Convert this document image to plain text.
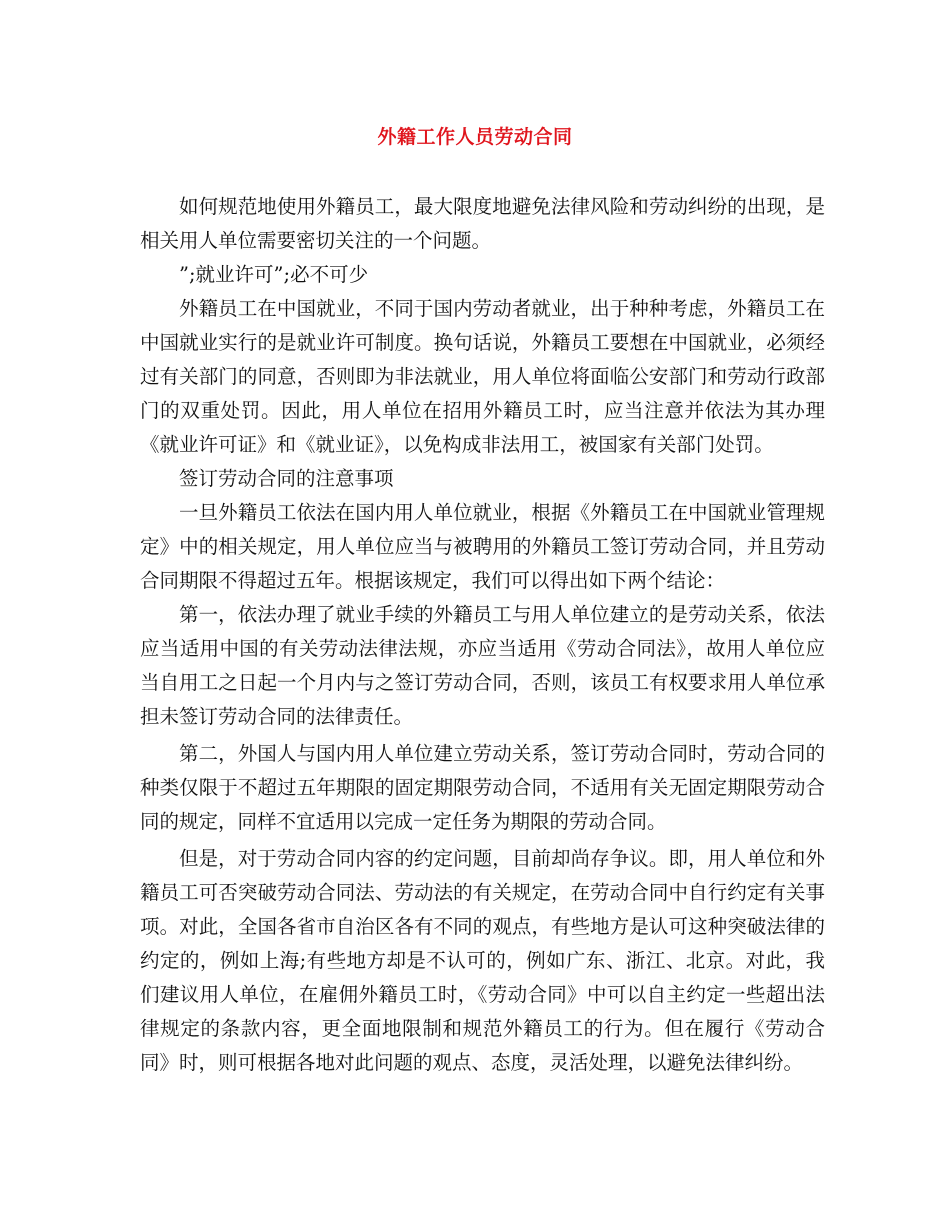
外籍工作人员劳动合同

如何规范地使用外籍员工，最大限度地避免法律风险和劳动纠纷的出现，是相关用人单位需要密切关注的一个问题。

”;就业许可”;必不可少

外籍员工在中国就业，不同于国内劳动者就业，出于种种考虑，外籍员工在中国就业实行的是就业许可制度。换句话说，外籍员工要想在中国就业，必须经过有关部门的同意，否则即为非法就业，用人单位将面临公安部门和劳动行政部门的双重处罚。因此，用人单位在招用外籍员工时，应当注意并依法为其办理《就业许可证》和《就业证》，以免构成非法用工，被国家有关部门处罚。

签订劳动合同的注意事项

一旦外籍员工依法在国内用人单位就业，根据《外籍员工在中国就业管理规定》中的相关规定，用人单位应当与被聘用的外籍员工签订劳动合同，并且劳动合同期限不得超过五年。根据该规定，我们可以得出如下两个结论：

第一，依法办理了就业手续的外籍员工与用人单位建立的是劳动关系，依法应当适用中国的有关劳动法律法规，亦应当适用《劳动合同法》，故用人单位应当自用工之日起一个月内与之签订劳动合同，否则，该员工有权要求用人单位承担未签订劳动合同的法律责任。

第二，外国人与国内用人单位建立劳动关系，签订劳动合同时，劳动合同的种类仅限于不超过五年期限的固定期限劳动合同，不适用有关无固定期限劳动合同的规定，同样不宜适用以完成一定任务为期限的劳动合同。

但是，对于劳动合同内容的约定问题，目前却尚存争议。即，用人单位和外籍员工可否突破劳动合同法、劳动法的有关规定，在劳动合同中自行约定有关事项。对此，全国各省市自治区各有不同的观点，有些地方是认可这种突破法律的约定的，例如上海;有些地方却是不认可的，例如广东、浙江、北京。对此，我们建议用人单位，在雇佣外籍员工时，《劳动合同》中可以自主约定一些超出法律规定的条款内容，更全面地限制和规范外籍员工的行为。但在履行《劳动合同》时，则可根据各地对此问题的观点、态度，灵活处理，以避免法律纠纷。
